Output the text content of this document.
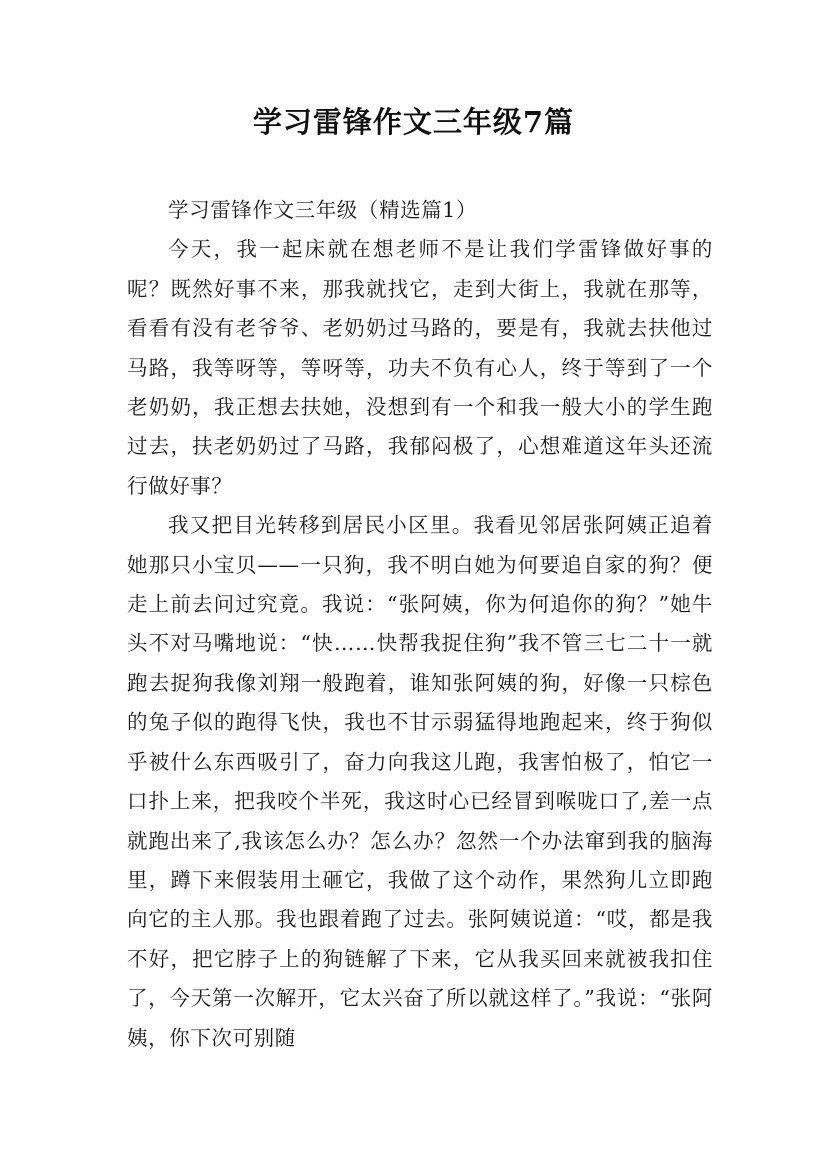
学习雷锋作文三年级7篇

学习雷锋作文三年级（精选篇1）

今天，我一起床就在想老师不是让我们学雷锋做好事的呢？既然好事不来，那我就找它，走到大街上，我就在那等，看看有没有老爷爷、老奶奶过马路的，要是有，我就去扶他过马路，我等呀等，等呀等，功夫不负有心人，终于等到了一个老奶奶，我正想去扶她，没想到有一个和我一般大小的学生跑过去，扶老奶奶过了马路，我郁闷极了，心想难道这年头还流行做好事？

我又把目光转移到居民小区里。我看见邻居张阿姨正追着她那只小宝贝——一只狗，我不明白她为何要追自家的狗？便走上前去问过究竟。我说：“张阿姨，你为何追你的狗？”她牛头不对马嘴地说：“快……快帮我捉住狗”我不管三七二十一就跑去捉狗我像刘翔一般跑着，谁知张阿姨的狗，好像一只棕色的兔子似的跑得飞快，我也不甘示弱猛得地跑起来，终于狗似乎被什么东西吸引了，奋力向我这儿跑，我害怕极了，怕它一口扑上来，把我咬个半死，我这时心已经冒到喉咙口了,差一点就跑出来了,我该怎么办？怎么办？忽然一个办法窜到我的脑海里，蹲下来假装用土砸它，我做了这个动作，果然狗儿立即跑向它的主人那。我也跟着跑了过去。张阿姨说道：“哎，都是我不好，把它脖子上的狗链解了下来，它从我买回来就被我扣住了，今天第一次解开，它太兴奋了所以就这样了。”我说：“张阿姨，你下次可别随
